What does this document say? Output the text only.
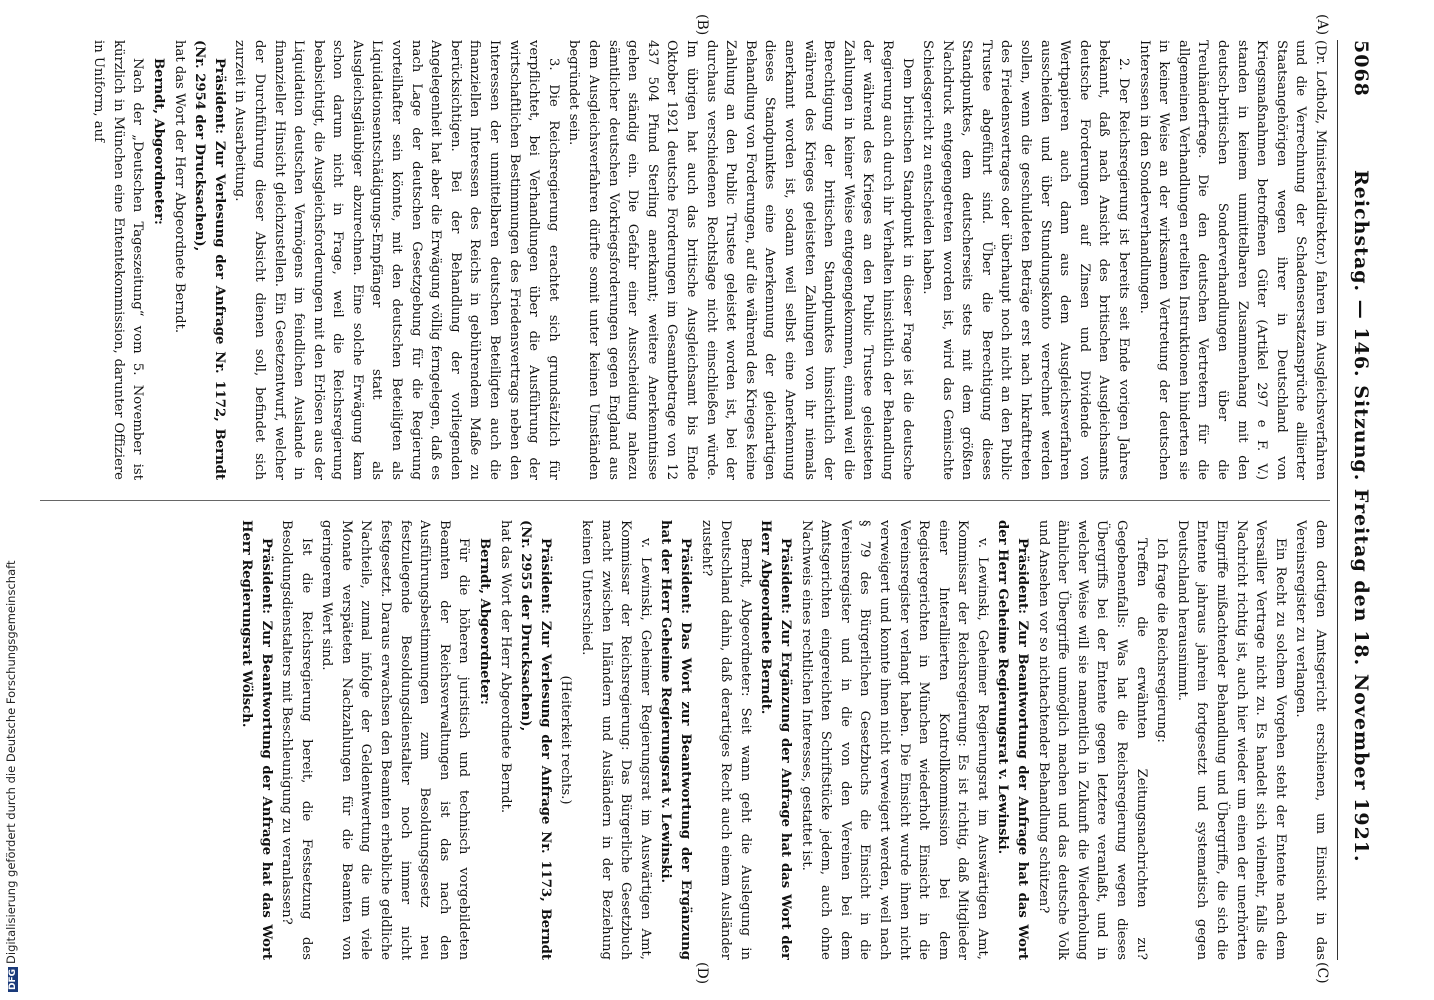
5068
Reichstag. — 146. Sitzung. Freitag den 18. November 1921.
(A)
(B)
(C)
(D)

(Dr. Lotholz, Ministerialdirektor.) fahren im Ausgleichsverfahren und die Verrechnung der Schadensersatzansprüche alliierter Staatsangehörigen wegen ihrer in Deutschland von Kriegsmaßnahmen betroffenen Güter (Artikel 297 e F. V.) standen in keinem unmittelbaren Zusammenhang mit den deutsch-britischen Sonderverhandlungen über die Treuhänderfrage. Die den deutschen Vertretern für die allgemeinen Verhandlungen erteilten Instruktionen hinderten sie in keiner Weise an der wirksamen Vertretung der deutschen Interessen in den Sonderverhandlungen.

2. Der Reichsregierung ist bereits seit Ende vorigen Jahres bekannt, daß nach Ansicht des britischen Ausgleichsamts deutsche Forderungen auf Zinsen und Dividende von Wertpapieren auch dann aus dem Ausgleichsverfahren ausscheiden und über Stundungskonto verrechnet werden sollen, wenn die geschuldeten Beträge erst nach Inkrafttreten des Friedensvertrages oder überhaupt noch nicht an den Public Trustee abgeführt sind. Über die Berechtigung dieses Standpunktes, dem deutscherseits stets mit dem größten Nachdruck entgegengetreten worden ist, wird das Gemischte Schiedsgericht zu entscheiden haben.

Dem britischen Standpunkt in dieser Frage ist die deutsche Regierung auch durch ihr Verhalten hinsichtlich der Behandlung der während des Krieges an den Public Trustee geleisteten Zahlungen in keiner Weise entgegengekommen, einmal weil die Berechtigung der britischen Standpunktes hinsichtlich der während des Krieges geleisteten Zahlungen von ihr niemals anerkannt worden ist, sodann weil selbst eine Anerkennung dieses Standpunktes eine Anerkennung der gleichartigen Behandlung von Forderungen, auf die während des Krieges keine Zahlung an den Public Trustee geleistet worden ist, bei der durchaus verschiedenen Rechtslage nicht einschließen würde. Im übrigen hat auch das britische Ausgleichsamt bis Ende Oktober 1921 deutsche Forderungen im Gesamtbetrage von 12 437 504 Pfund Sterling anerkannt; weitere Anerkenntnisse gehen ständig ein. Die Gefahr einer Ausscheidung nahezu sämtlicher deutschen Vorkriegsforderungen gegen England aus dem Ausgleichsverfahren dürfte somit unter keinen Umständen begründet sein.

3. Die Reichsregierung erachtet sich grundsätzlich für verpflichtet, bei Verhandlungen über die Ausführung der wirtschaftlichen Bestimmungen des Friedensvertrags neben den Interessen der unmittelbaren deutschen Beteiligten auch die finanziellen Interessen des Reichs in gebührendem Maße zu berücksichtigen. Bei der Behandlung der vorliegenden Angelegenheit hat aber die Erwägung völlig ferngelegen, daß es nach Lage der deutschen Gesetzgebung für die Regierung vorteilhafter sein könnte, mit den deutschen Beteiligten als Liquidationsentschädigungs-Empfänger statt als Ausgleichsgläubiger abzurechnen. Eine solche Erwägung kam schon darum nicht in Frage, weil die Reichsregierung beabsichtigt, die Ausgleichsforderungen mit den Erlösen aus der Liquidation deutschen Vermögens im feindlichen Auslande in finanzieller Hinsicht gleichzustellen. Ein Gesetzentwurf, welcher der Durchführung dieser Absicht dienen soll, befindet sich zurzeit in Ausarbeitung.

Präsident: Zur Verlesung der Anfrage Nr. 1172, Berndt (Nr. 2954 der Drucksachen),

hat das Wort der Herr Abgeordnete Berndt.

Berndt, Abgeordneter:

Nach der „Deutschen Tageszeitung“ vom 5. November ist kürzlich in München eine Ententekommission, darunter Offiziere in Uniform, auf

dem dortigen Amtsgericht erschienen, um Einsicht in das Vereinsregister zu verlangen.

Ein Recht zu solchem Vorgehen steht der Entente nach dem Versailler Vertrage nicht zu. Es handelt sich vielmehr, falls die Nachricht richtig ist, auch hier wieder um einen der unerhörten Eingriffe mißachtender Behandlung und Übergriffe, die sich die Entente jahraus jahrein fortgesetzt und systematisch gegen Deutschland herausnimmt.

Ich frage die Reichsregierung:

Treffen die erwähnten Zeitungsnachrichten zu? Gegebenenfalls: Was hat die Reichsregierung wegen dieses Übergriffs bei der Entente gegen letztere veranlaßt, und in welcher Weise will sie namentlich in Zukunft die Wiederholung ähnlicher Übergriffe unmöglich machen und das deutsche Volk und Ansehen vor so nichtachtender Behandlung schützen?

Präsident: Zur Beantwortung der Anfrage hat das Wort der Herr Geheime Regierungsrat v. Lewinski.

v. Lewinski, Geheimer Regierungsrat im Auswärtigen Amt, Kommissar der Reichsregierung: Es ist richtig, daß Mitglieder einer Interalliierten Kontrollkommission bei dem Registergerichten in München wiederholt Einsicht in die Vereinsregister verlangt haben. Die Einsicht wurde ihnen nicht verweigert und konnte ihnen nicht verweigert werden, weil nach § 79 des Bürgerlichen Gesetzbuchs die Einsicht in die Vereinsregister und in die von den Vereinen bei dem Amtsgerichten eingereichten Schriftstücke jedem, auch ohne Nachweis eines rechtlichen Interesses, gestattet ist.

Präsident: Zur Ergänzung der Anfrage hat das Wort der Herr Abgeordnete Berndt.

Berndt, Abgeordneter: Seit wann geht die Auslegung in Deutschland dahin, daß derartiges Recht auch einem Ausländer zusteht?

Präsident: Das Wort zur Beantwortung der Ergänzung hat der Herr Geheime Regierungsrat v. Lewinski.

v. Lewinski, Geheimer Regierungsrat im Auswärtigen Amt, Kommissar der Reichsregierung: Das Bürgerliche Gesetzbuch macht zwischen Inländern und Ausländern in der Beziehung keinen Unterschied.

(Heiterkeit rechts.)

Präsident: Zur Verlesung der Anfrage Nr. 1173, Berndt (Nr. 2955 der Drucksachen),

hat das Wort der Herr Abgeordnete Berndt.

Berndt, Abgeordneter:

Für die höheren juristisch und technisch vorgebildeten Beamten der Reichsverwaltungen ist das nach den Ausführungsbestimmungen zum Besoldungsgesetz neu festzulegende Besoldungsdienstalter noch immer nicht festgesetzt. Daraus erwachsen den Beamten erhebliche geldliche Nachteile, zumal infolge der Geldentwertung die um viele Monate verspäteten Nachzahlungen für die Beamten von geringerem Wert sind.

Ist die Reichsregierung bereit, die Festsetzung des Besoldungsdienstalters mit Beschleunigung zu veranlassen?

Präsident: Zur Beantwortung der Anfrage hat das Wort Herr Regierungsrat Wölsch.

DFGDigitalisierung gefördert durch die Deutsche Forschungsgemeinschaft
